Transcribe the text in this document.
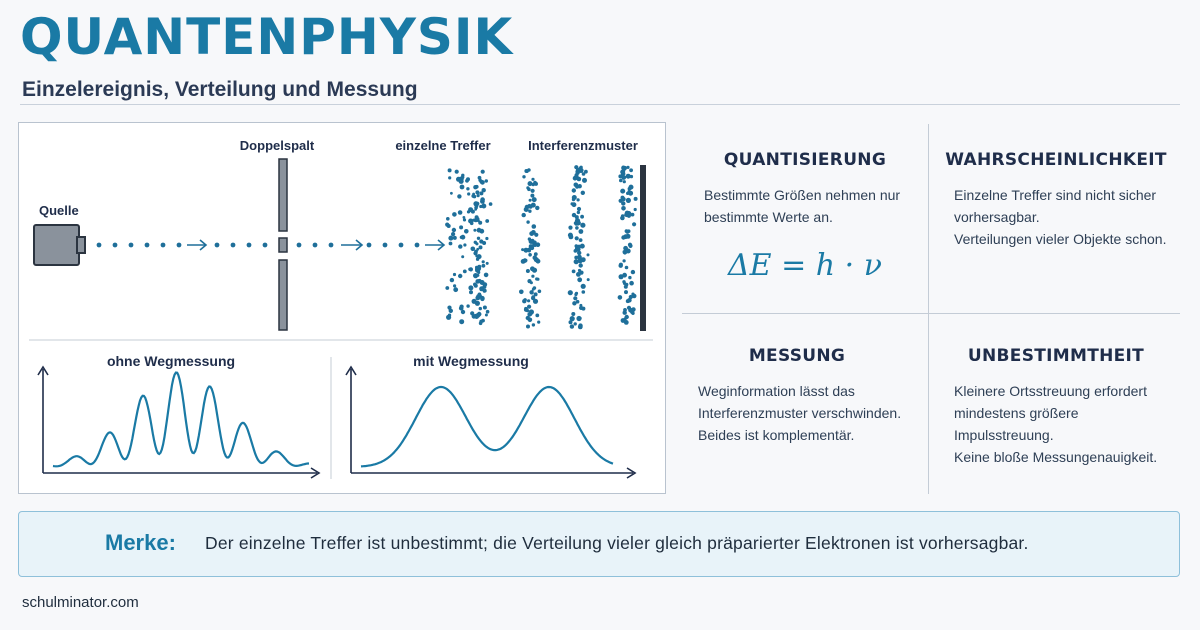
QUANTENPHYSIK
Einzelereignis, Verteilung und Messung
Quelle
Doppelspalt	einzelne Treffer	Interferenzmuster
ohne Wegmessung	mit Wegmessung
QUANTISIERUNG

Bestimmte Größen nehmen nur
bestimmte Werte an.

ΔE = h · ν
WAHRSCHEINLICHKEIT

Einzelne Treffer sind nicht sicher
vorhersagbar.
Verteilungen vieler Objekte schon.

MESSUNG

Weginformation lässt das
Interferenzmuster verschwinden.
Beides ist komplementär.

UNBESTIMMTHEIT

Kleinere Ortsstreuung erfordert
mindestens größere
Impulsstreuung.
Keine bloße Messungenauigkeit.

Merke: Der einzelne Treffer ist unbestimmt; die Verteilung vieler gleich präparierter Elektronen ist vorhersagbar.
schulminator.com
